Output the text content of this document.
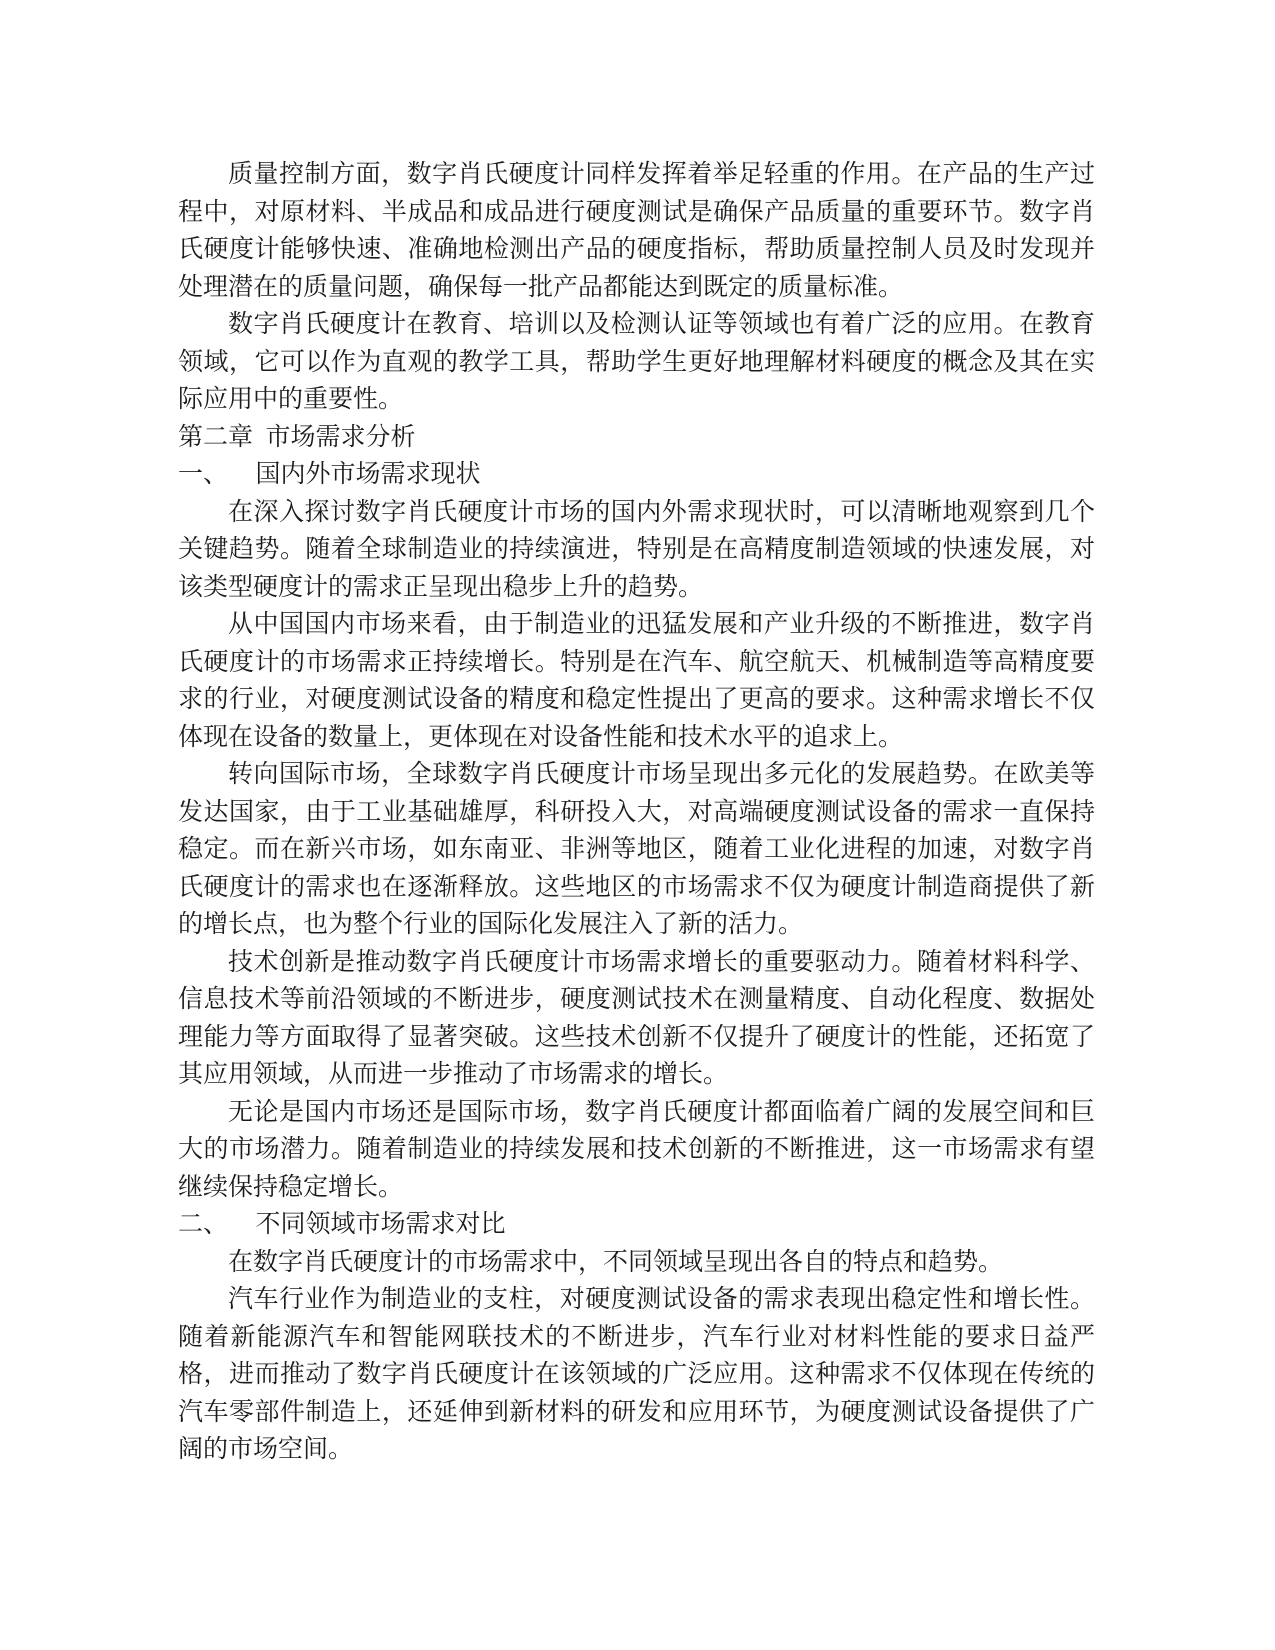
质量控制方面，数字肖氏硬度计同样发挥着举足轻重的作用。在产品的生产过程中，对原材料、半成品和成品进行硬度测试是确保产品质量的重要环节。数字肖氏硬度计能够快速、准确地检测出产品的硬度指标，帮助质量控制人员及时发现并处理潜在的质量问题，确保每一批产品都能达到既定的质量标准。

数字肖氏硬度计在教育、培训以及检测认证等领域也有着广泛的应用。在教育领域，它可以作为直观的教学工具，帮助学生更好地理解材料硬度的概念及其在实际应用中的重要性。

第二章 市场需求分析

一、 国内外市场需求现状

在深入探讨数字肖氏硬度计市场的国内外需求现状时，可以清晰地观察到几个关键趋势。随着全球制造业的持续演进，特别是在高精度制造领域的快速发展，对该类型硬度计的需求正呈现出稳步上升的趋势。

从中国国内市场来看，由于制造业的迅猛发展和产业升级的不断推进，数字肖氏硬度计的市场需求正持续增长。特别是在汽车、航空航天、机械制造等高精度要求的行业，对硬度测试设备的精度和稳定性提出了更高的要求。这种需求增长不仅体现在设备的数量上，更体现在对设备性能和技术水平的追求上。

转向国际市场，全球数字肖氏硬度计市场呈现出多元化的发展趋势。在欧美等发达国家，由于工业基础雄厚，科研投入大，对高端硬度测试设备的需求一直保持稳定。而在新兴市场，如东南亚、非洲等地区，随着工业化进程的加速，对数字肖氏硬度计的需求也在逐渐释放。这些地区的市场需求不仅为硬度计制造商提供了新的增长点，也为整个行业的国际化发展注入了新的活力。

技术创新是推动数字肖氏硬度计市场需求增长的重要驱动力。随着材料科学、信息技术等前沿领域的不断进步，硬度测试技术在测量精度、自动化程度、数据处理能力等方面取得了显著突破。这些技术创新不仅提升了硬度计的性能，还拓宽了其应用领域，从而进一步推动了市场需求的增长。

无论是国内市场还是国际市场，数字肖氏硬度计都面临着广阔的发展空间和巨大的市场潜力。随着制造业的持续发展和技术创新的不断推进，这一市场需求有望继续保持稳定增长。

二、 不同领域市场需求对比

在数字肖氏硬度计的市场需求中，不同领域呈现出各自的特点和趋势。

汽车行业作为制造业的支柱，对硬度测试设备的需求表现出稳定性和增长性。随着新能源汽车和智能网联技术的不断进步，汽车行业对材料性能的要求日益严格，进而推动了数字肖氏硬度计在该领域的广泛应用。这种需求不仅体现在传统的汽车零部件制造上，还延伸到新材料的研发和应用环节，为硬度测试设备提供了广阔的市场空间。
